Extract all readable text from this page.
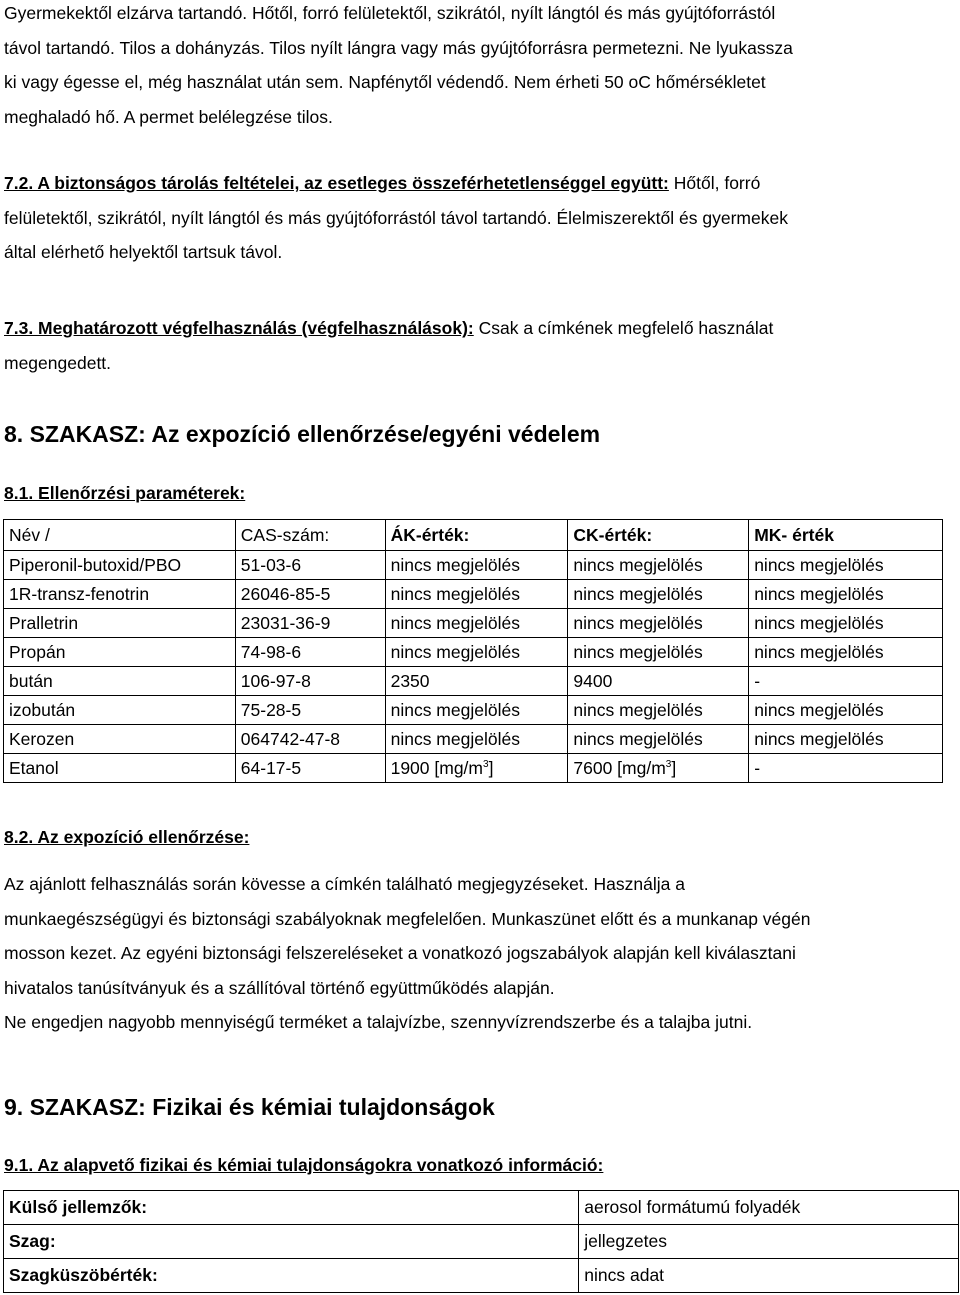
Gyermekektől elzárva tartandó. Hőtől, forró felületektől, szikrától, nyílt lángtól és más gyújtóforrástól
távol tartandó. Tilos a dohányzás. Tilos nyílt lángra vagy más gyújtóforrásra permetezni. Ne lyukassza
ki vagy égesse el, még használat után sem. Napfénytől védendő. Nem érheti 50 oC hőmérsékletet
meghaladó hő. A permet belélegzése tilos.
7.2. A biztonságos tárolás feltételei, az esetleges összeférhetetlenséggel együtt: Hőtől, forró
felületektől, szikrától, nyílt lángtól és más gyújtóforrástól távol tartandó. Élelmiszerektől és gyermekek
által elérhető helyektől tartsuk távol.
7.3. Meghatározott végfelhasználás (végfelhasználások): Csak a címkének megfelelő használat
megengedett.
8. SZAKASZ: Az expozíció ellenőrzése/egyéni védelem
8.1. Ellenőrzési paraméterek:
Név /	CAS-szám:	ÁK-érték:	CK-érték:	MK- érték
Piperonil-butoxid/PBO	51-03-6	nincs megjelölés	nincs megjelölés	nincs megjelölés
1R-transz-fenotrin	26046-85-5	nincs megjelölés	nincs megjelölés	nincs megjelölés
Pralletrin	23031-36-9	nincs megjelölés	nincs megjelölés	nincs megjelölés
Propán	74-98-6	nincs megjelölés	nincs megjelölés	nincs megjelölés
bután	106-97-8	2350	9400	-
izobután	75-28-5	nincs megjelölés	nincs megjelölés	nincs megjelölés
Kerozen	064742-47-8	nincs megjelölés	nincs megjelölés	nincs megjelölés
Etanol	64-17-5	1900 $[mg/m^3]$	7600 $[mg/m^3]$	-
8.2. Az expozíció ellenőrzése:
Az ajánlott felhasználás során kövesse a címkén található megjegyzéseket. Használja a
munkaegészségügyi és biztonsági szabályoknak megfelelően. Munkaszünet előtt és a munkanap végén
mosson kezet. Az egyéni biztonsági felszereléseket a vonatkozó jogszabályok alapján kell kiválasztani
hivatalos tanúsítványuk és a szállítóval történő együttműködés alapján.
Ne engedjen nagyobb mennyiségű terméket a talajvízbe, szennyvízrendszerbe és a talajba jutni.
9. SZAKASZ: Fizikai és kémiai tulajdonságok
9.1. Az alapvető fizikai és kémiai tulajdonságokra vonatkozó információ:
Külső jellemzők:	aerosol formátumú folyadék
Szag:	jellegzetes
Szagküszöbérték:	nincs adat
